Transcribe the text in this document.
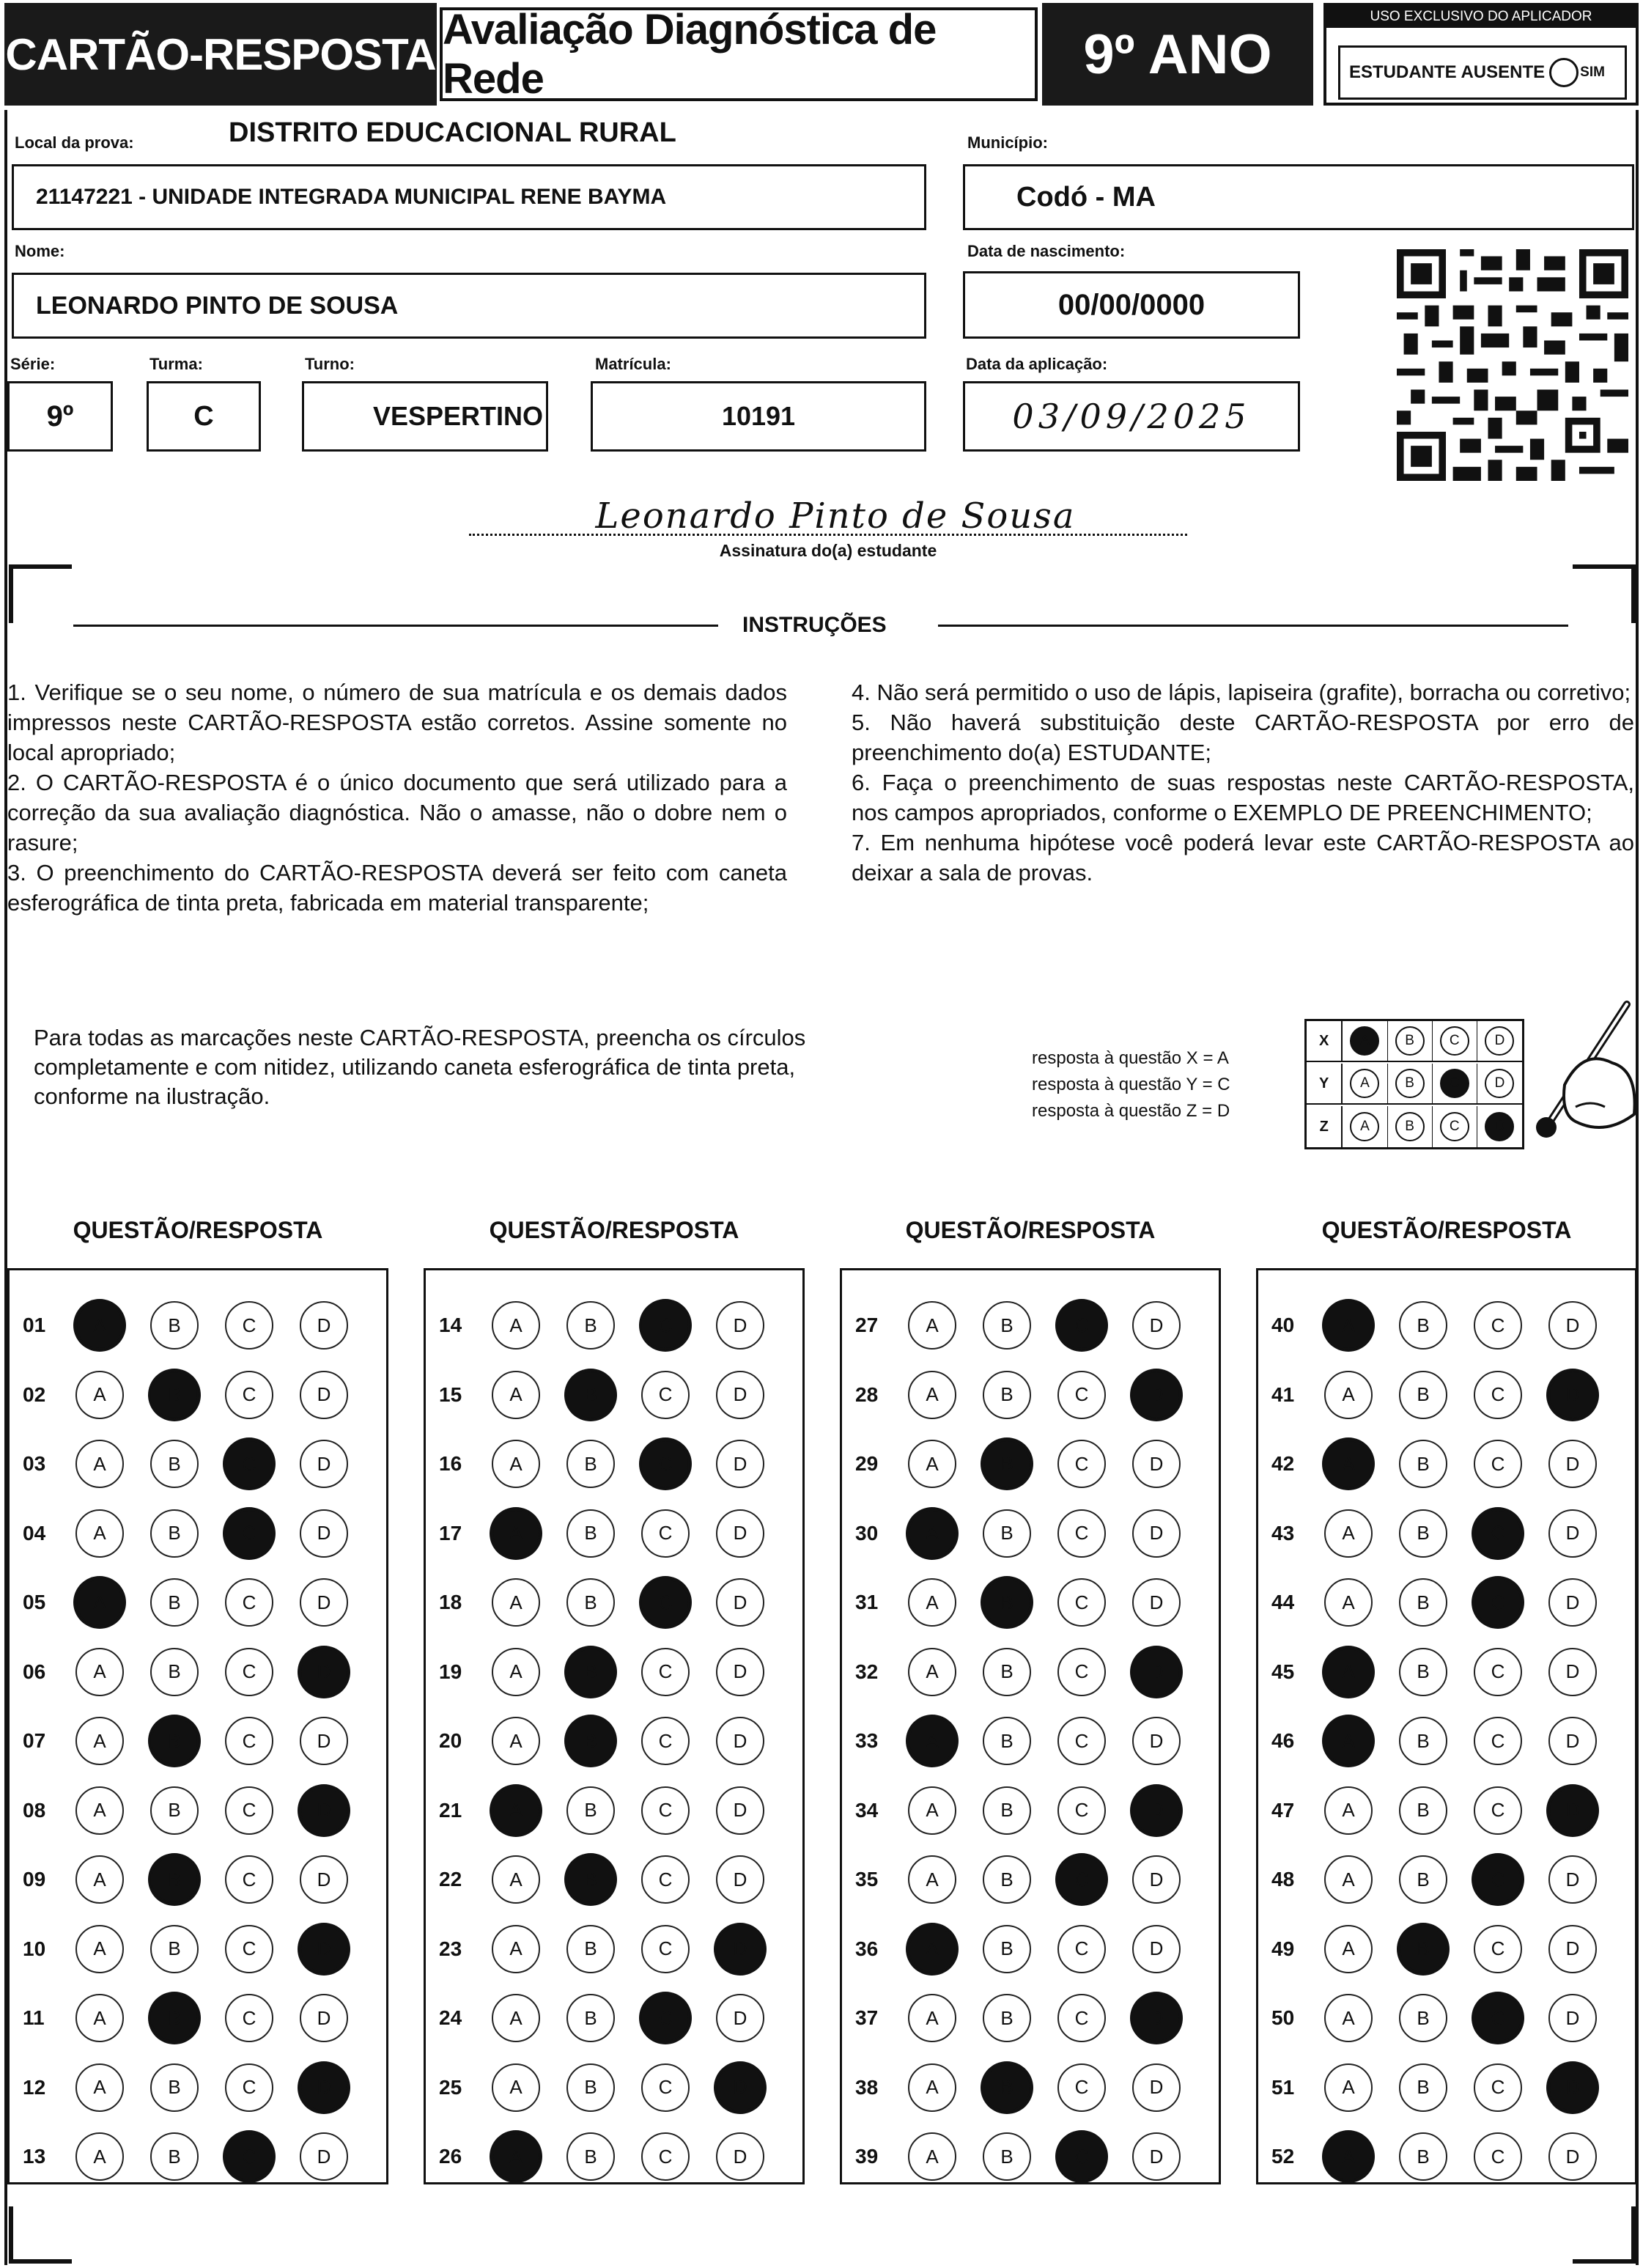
CARTÃO-RESPOSTA Avaliação Diagnóstica de Rede	9º ANO
USO EXCLUSIVO DO APLICADOR
ESTUDANTE AUSENTE	SIM
Local da prova:	DISTRITO EDUCACIONAL RURAL
21147221 - UNIDADE INTEGRADA MUNICIPAL RENE BAYMA
Município:
Codó - MA
Nome:
LEONARDO PINTO DE SOUSA
Data de nascimento:
00/00/0000
Série:
9º
Turma:
C
Turno:
VESPERTINO
Matrícula:
10191
Data da aplicação:
03/09/2025
Leonardo Pinto de Sousa
Assinatura do(a) estudante
INSTRUÇÕES

1. Verifique se o seu nome, o número de sua matrícula e os demais dados impressos neste CARTÃO-RESPOSTA estão corretos. Assine somente no local apropriado;

2. O CARTÃO-RESPOSTA é o único documento que será utilizado para a correção da sua avaliação diagnóstica. Não o amasse, não o dobre nem o rasure;

3. O preenchimento do CARTÃO-RESPOSTA deverá ser feito com caneta esferográfica de tinta preta, fabricada em material transparente;

4. Não será permitido o uso de lápis, lapiseira (grafite), borracha ou corretivo;

5. Não haverá substituição deste CARTÃO-RESPOSTA por erro de preenchimento do(a) ESTUDANTE;

6. Faça o preenchimento de suas respostas neste CARTÃO-RESPOSTA, nos campos apropriados, conforme o EXEMPLO DE PREENCHIMENTO;

7. Em nenhuma hipótese você poderá levar este CARTÃO-RESPOSTA ao deixar a sala de provas.

Para todas as marcações neste CARTÃO-RESPOSTA, preencha os círculos completamente e com nitidez, utilizando caneta esferográfica de tinta preta, conforme na ilustração.
resposta à questão X = A
resposta à questão Y = C
resposta à questão Z = D
X	A	B	C	D
Y	A	B	C	D
Z	A	B	C	D
QUESTÃO/RESPOSTA
01	A	B	C	D
02	A	B	C	D
03	A	B	C	D
04	A	B	C	D
05	A	B	C	D
06	A	B	C	D
07	A	B	C	D
08	A	B	C	D
09	A	B	C	D
10	A	B	C	D
11	A	B	C	D
12	A	B	C	D
13	A	B	C	D
QUESTÃO/RESPOSTA
14	A	B	C	D
15	A	B	C	D
16	A	B	C	D
17	A	B	C	D
18	A	B	C	D
19	A	B	C	D
20	A	B	C	D
21	A	B	C	D
22	A	B	C	D
23	A	B	C	D
24	A	B	C	D
25	A	B	C	D
26	A	B	C	D
QUESTÃO/RESPOSTA
27	A	B	C	D
28	A	B	C	D
29	A	B	C	D
30	A	B	C	D
31	A	B	C	D
32	A	B	C	D
33	A	B	C	D
34	A	B	C	D
35	A	B	C	D
36	A	B	C	D
37	A	B	C	D
38	A	B	C	D
39	A	B	C	D
QUESTÃO/RESPOSTA
40	A	B	C	D
41	A	B	C	D
42	A	B	C	D
43	A	B	C	D
44	A	B	C	D
45	A	B	C	D
46	A	B	C	D
47	A	B	C	D
48	A	B	C	D
49	A	B	C	D
50	A	B	C	D
51	A	B	C	D
52	A	B	C	D
